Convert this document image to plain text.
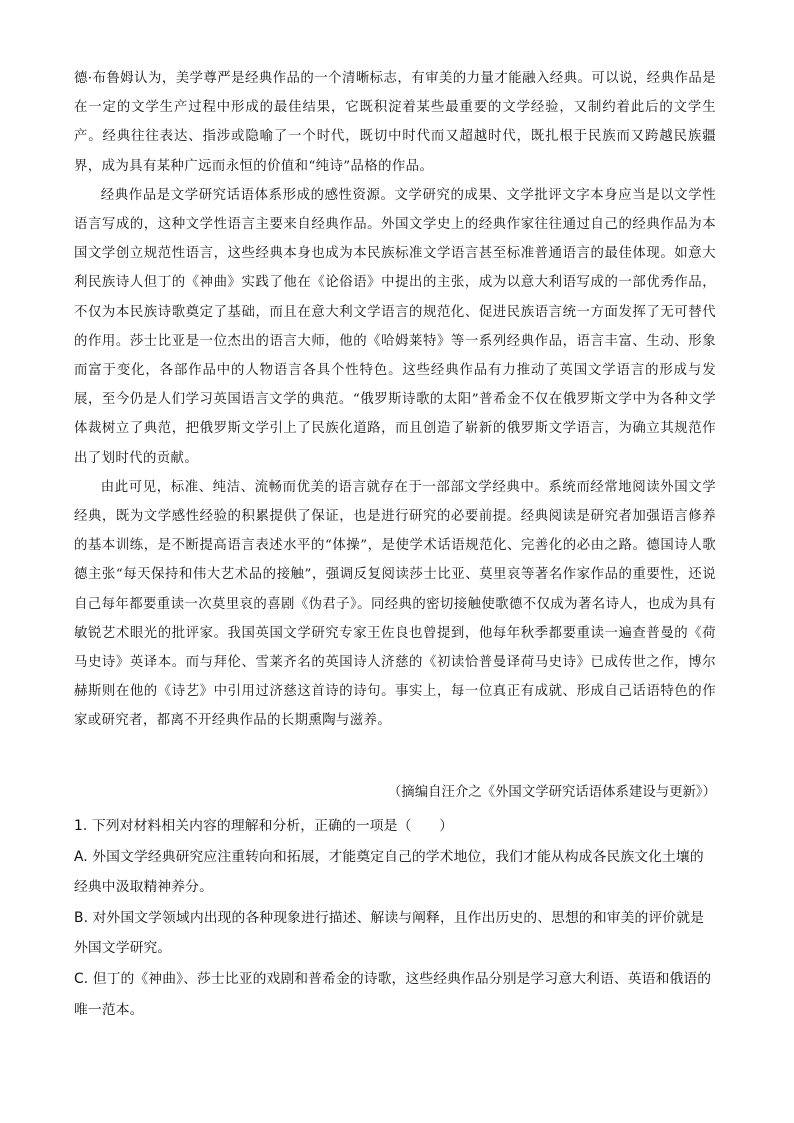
德·布鲁姆认为，美学尊严是经典作品的一个清晰标志，有审美的力量才能融入经典。可以说，经典作品是在一定的文学生产过程中形成的最佳结果，它既积淀着某些最重要的文学经验，又制约着此后的文学生产。经典往往表达、指涉或隐喻了一个时代，既切中时代而又超越时代，既扎根于民族而又跨越民族疆界，成为具有某种广远而永恒的价值和“纯诗”品格的作品。

经典作品是文学研究话语体系形成的感性资源。文学研究的成果、文学批评文字本身应当是以文学性语言写成的，这种文学性语言主要来自经典作品。外国文学史上的经典作家往往通过自己的经典作品为本国文学创立规范性语言，这些经典本身也成为本民族标准文学语言甚至标准普通语言的最佳体现。如意大利民族诗人但丁的《神曲》实践了他在《论俗语》中提出的主张，成为以意大利语写成的一部优秀作品，不仅为本民族诗歌奠定了基础，而且在意大利文学语言的规范化、促进民族语言统一方面发挥了无可替代的作用。莎士比亚是一位杰出的语言大师，他的《哈姆莱特》等一系列经典作品，语言丰富、生动、形象而富于变化，各部作品中的人物语言各具个性特色。这些经典作品有力推动了英国文学语言的形成与发展，至今仍是人们学习英国语言文学的典范。“俄罗斯诗歌的太阳”普希金不仅在俄罗斯文学中为各种文学体裁树立了典范，把俄罗斯文学引上了民族化道路，而且创造了崭新的俄罗斯文学语言，为确立其规范作出了划时代的贡献。

由此可见，标准、纯洁、流畅而优美的语言就存在于一部部文学经典中。系统而经常地阅读外国文学经典，既为文学感性经验的积累提供了保证，也是进行研究的必要前提。经典阅读是研究者加强语言修养的基本训练，是不断提高语言表述水平的“体操”，是使学术话语规范化、完善化的必由之路。德国诗人歌德主张“每天保持和伟大艺术品的接触”，强调反复阅读莎士比亚、莫里哀等著名作家作品的重要性，还说自己每年都要重读一次莫里哀的喜剧《伪君子》。同经典的密切接触使歌德不仅成为著名诗人，也成为具有敏锐艺术眼光的批评家。我国英国文学研究专家王佐良也曾提到，他每年秋季都要重读一遍查普曼的《荷马史诗》英译本。而与拜伦、雪莱齐名的英国诗人济慈的《初读恰普曼译荷马史诗》已成传世之作，博尔赫斯则在他的《诗艺》中引用过济慈这首诗的诗句。事实上，每一位真正有成就、形成自己话语特色的作家或研究者，都离不开经典作品的长期熏陶与滋养。

（摘编自汪介之《外国文学研究话语体系建设与更新》）

1. 下列对材料相关内容的理解和分析，正确的一项是（　　）

A. 外国文学经典研究应注重转向和拓展，才能奠定自己的学术地位，我们才能从构成各民族文化土壤的经典中汲取精神养分。

B. 对外国文学领域内出现的各种现象进行描述、解读与阐释，且作出历史的、思想的和审美的评价就是外国文学研究。

C. 但丁的《神曲》、莎士比亚的戏剧和普希金的诗歌，这些经典作品分别是学习意大利语、英语和俄语的唯一范本。
